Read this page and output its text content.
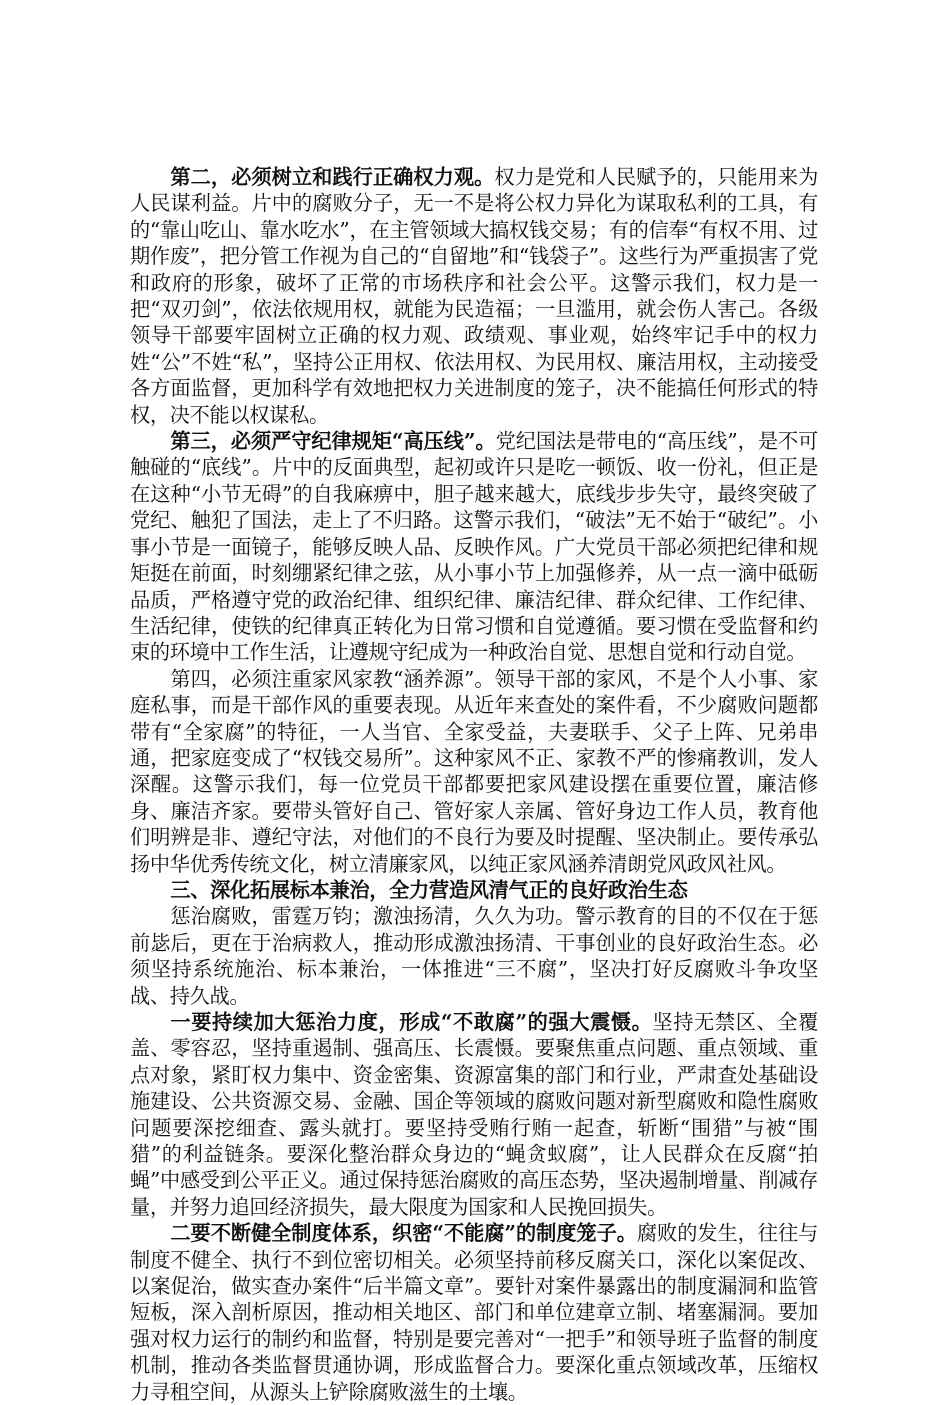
第二，必须树立和践行正确权力观。权力是党和人民赋予的，只能用来为人民谋利益。片中的腐败分子，无一不是将公权力异化为谋取私利的工具，有的“靠山吃山、靠水吃水”，在主管领域大搞权钱交易；有的信奉“有权不用、过期作废”，把分管工作视为自己的“自留地”和“钱袋子”。这些行为严重损害了党和政府的形象，破坏了正常的市场秩序和社会公平。这警示我们，权力是一把“双刃剑”，依法依规用权，就能为民造福；一旦滥用，就会伤人害己。各级领导干部要牢固树立正确的权力观、政绩观、事业观，始终牢记手中的权力姓“公”不姓“私”，坚持公正用权、依法用权、为民用权、廉洁用权，主动接受各方面监督，更加科学有效地把权力关进制度的笼子，决不能搞任何形式的特权，决不能以权谋私。

第三，必须严守纪律规矩“高压线”。党纪国法是带电的“高压线”，是不可触碰的“底线”。片中的反面典型，起初或许只是吃一顿饭、收一份礼，但正是在这种“小节无碍”的自我麻痹中，胆子越来越大，底线步步失守，最终突破了党纪、触犯了国法，走上了不归路。这警示我们，“破法”无不始于“破纪”。小事小节是一面镜子，能够反映人品、反映作风。广大党员干部必须把纪律和规矩挺在前面，时刻绷紧纪律之弦，从小事小节上加强修养，从一点一滴中砥砺品质，严格遵守党的政治纪律、组织纪律、廉洁纪律、群众纪律、工作纪律、生活纪律，使铁的纪律真正转化为日常习惯和自觉遵循。要习惯在受监督和约束的环境中工作生活，让遵规守纪成为一种政治自觉、思想自觉和行动自觉。

第四，必须注重家风家教“涵养源”。领导干部的家风，不是个人小事、家庭私事，而是干部作风的重要表现。从近年来查处的案件看，不少腐败问题都带有“全家腐”的特征，一人当官、全家受益，夫妻联手、父子上阵、兄弟串通，把家庭变成了“权钱交易所”。这种家风不正、家教不严的惨痛教训，发人深醒。这警示我们，每一位党员干部都要把家风建设摆在重要位置，廉洁修身、廉洁齐家。要带头管好自己、管好家人亲属、管好身边工作人员，教育他们明辨是非、遵纪守法，对他们的不良行为要及时提醒、坚决制止。要传承弘扬中华优秀传统文化，树立清廉家风，以纯正家风涵养清朗党风政风社风。

三、深化拓展标本兼治，全力营造风清气正的良好政治生态

惩治腐败，雷霆万钧；激浊扬清，久久为功。警示教育的目的不仅在于惩前毖后，更在于治病救人，推动形成激浊扬清、干事创业的良好政治生态。必须坚持系统施治、标本兼治，一体推进“三不腐”，坚决打好反腐败斗争攻坚战、持久战。

一要持续加大惩治力度，形成“不敢腐”的强大震慑。坚持无禁区、全覆盖、零容忍，坚持重遏制、强高压、长震慑。要聚焦重点问题、重点领域、重点对象，紧盯权力集中、资金密集、资源富集的部门和行业，严肃查处基础设施建设、公共资源交易、金融、国企等领域的腐败问题对新型腐败和隐性腐败问题要深挖细查、露头就打。要坚持受贿行贿一起查，斩断“围猎”与被“围猎”的利益链条。要深化整治群众身边的“蝇贪蚁腐”，让人民群众在反腐“拍蝇”中感受到公平正义。通过保持惩治腐败的高压态势，坚决遏制增量、削减存量，并努力追回经济损失，最大限度为国家和人民挽回损失。

二要不断健全制度体系，织密“不能腐”的制度笼子。腐败的发生，往往与制度不健全、执行不到位密切相关。必须坚持前移反腐关口，深化以案促改、以案促治，做实查办案件“后半篇文章”。要针对案件暴露出的制度漏洞和监管短板，深入剖析原因，推动相关地区、部门和单位建章立制、堵塞漏洞。要加强对权力运行的制约和监督，特别是要完善对“一把手”和领导班子监督的制度机制，推动各类监督贯通协调，形成监督合力。要深化重点领域改革，压缩权力寻租空间，从源头上铲除腐败滋生的土壤。
